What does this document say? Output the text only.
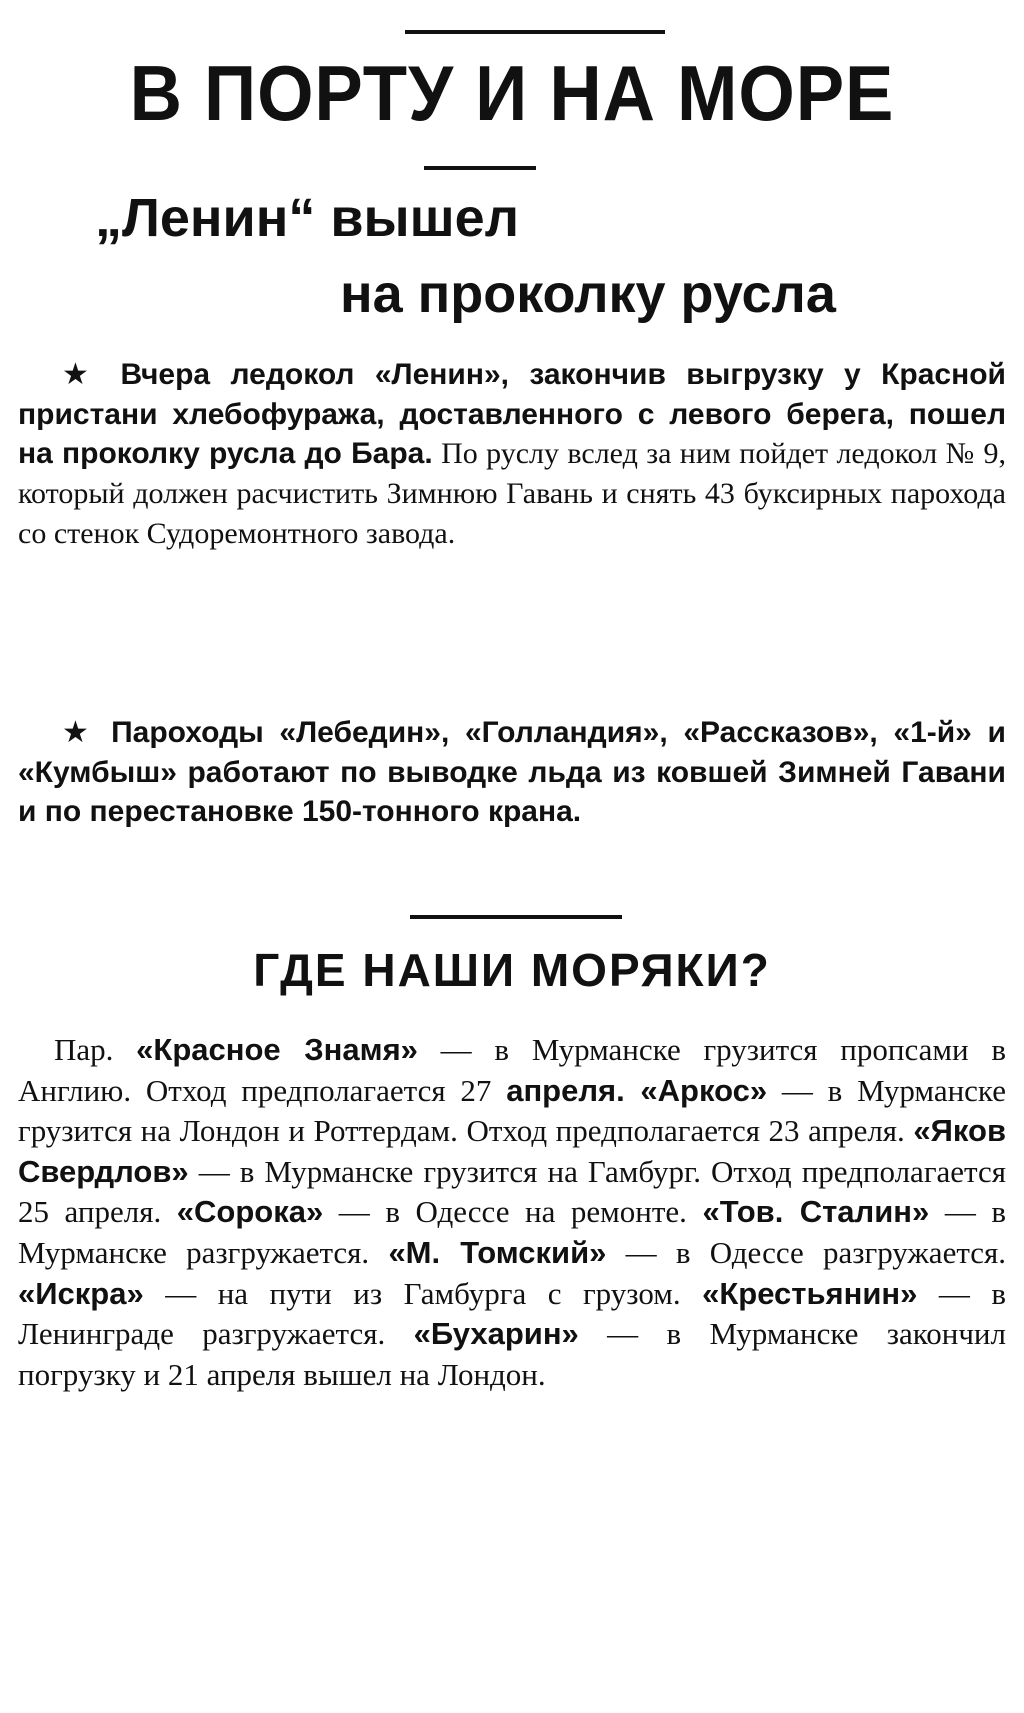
В ПОРТУ И НА МОРЕ
„Ленин“ вышел
на проколку русла

★ Вчера ледокол «Ленин», закончив выгрузку у Красной пристани хлебофуража, доставленного с левого берега, пошел на проколку русла до Бара. По руслу вслед за ним пойдет ледокол № 9, который должен расчистить Зимнюю Гавань и снять 43 буксирных парохода со стенок Судоремонтного завода.

★ Пароходы «Лебедин», «Голландия», «Рассказов», «1-й» и «Кумбыш» работают по выводке льда из ковшей Зимней Гавани и по перестановке 150-тонного крана.

ГДЕ НАШИ МОРЯКИ?

Пар. «Красное Знамя» — в Мурманске грузится пропсами в Англию. Отход предполагается 27 апреля. «Аркос» — в Мурманске грузится на Лондон и Роттердам. Отход предполагается 23 апреля. «Яков Свердлов» — в Мурманске грузится на Гамбург. Отход предполагается 25 апреля. «Сорока» — в Одессе на ремонте. «Тов. Сталин» — в Мурманске разгружается. «М. Томский» — в Одессе разгружается. «Искра» — на пути из Гамбурга с грузом. «Крестьянин» — в Ленинграде разгружается. «Бухарин» — в Мурманске закончил погрузку и 21 апреля вышел на Лондон.
